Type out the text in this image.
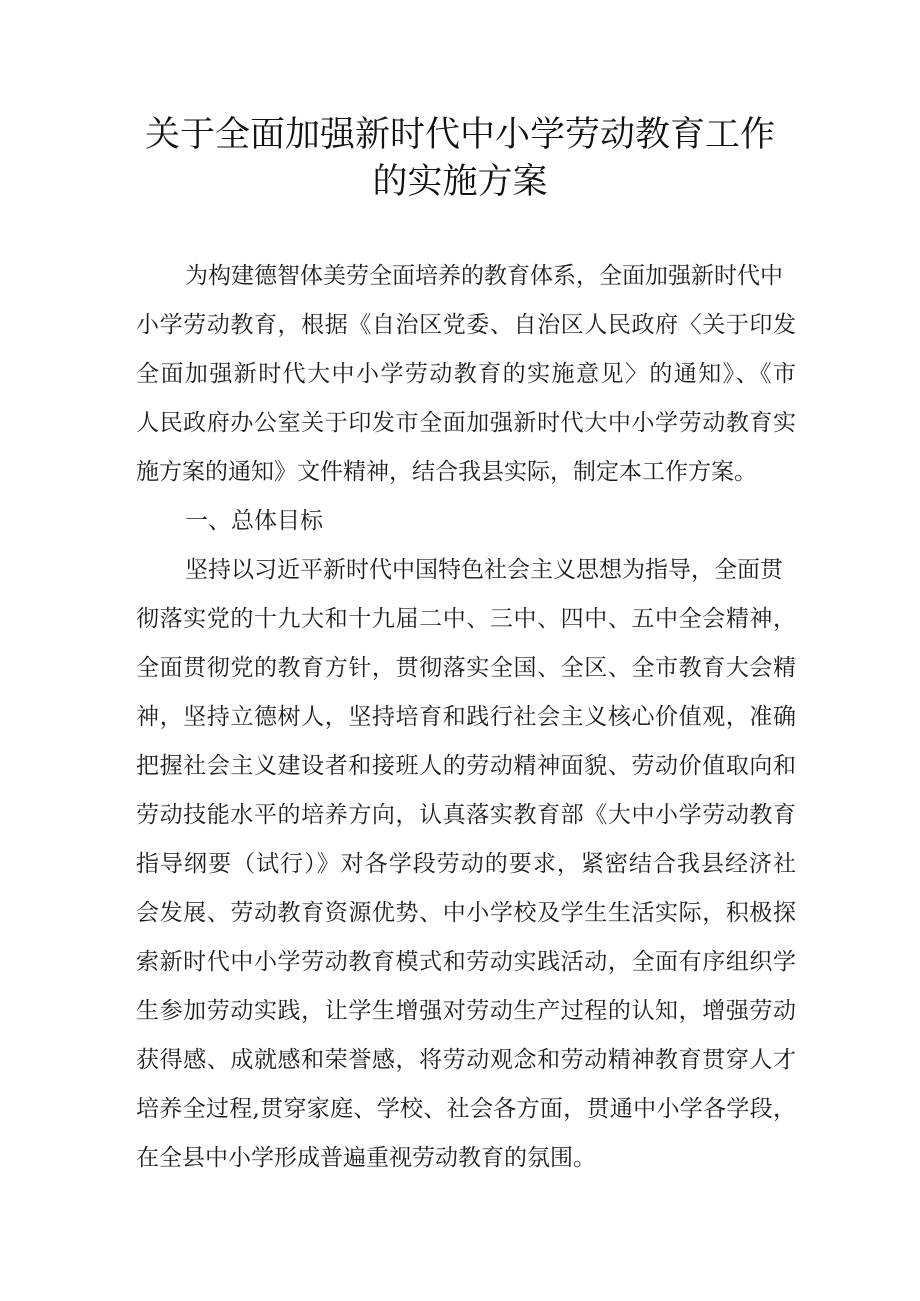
关于全面加强新时代中小学劳动教育工作
的实施方案
为构建德智体美劳全面培养的教育体系，全面加强新时代中
小学劳动教育，根据《自治区党委、自治区人民政府〈关于印发
全面加强新时代大中小学劳动教育的实施意见〉的通知》、《市
人民政府办公室关于印发市全面加强新时代大中小学劳动教育实
施方案的通知》文件精神，结合我县实际，制定本工作方案。
一、总体目标
坚持以习近平新时代中国特色社会主义思想为指导，全面贯
彻落实党的十九大和十九届二中、三中、四中、五中全会精神，
全面贯彻党的教育方针，贯彻落实全国、全区、全市教育大会精
神，坚持立德树人，坚持培育和践行社会主义核心价值观，准确
把握社会主义建设者和接班人的劳动精神面貌、劳动价值取向和
劳动技能水平的培养方向，认真落实教育部《大中小学劳动教育
指导纲要（试行）》对各学段劳动的要求，紧密结合我县经济社
会发展、劳动教育资源优势、中小学校及学生生活实际，积极探
索新时代中小学劳动教育模式和劳动实践活动，全面有序组织学
生参加劳动实践，让学生增强对劳动生产过程的认知，增强劳动
获得感、成就感和荣誉感，将劳动观念和劳动精神教育贯穿人才
培养全过程,贯穿家庭、学校、社会各方面，贯通中小学各学段，
在全县中小学形成普遍重视劳动教育的氛围。
